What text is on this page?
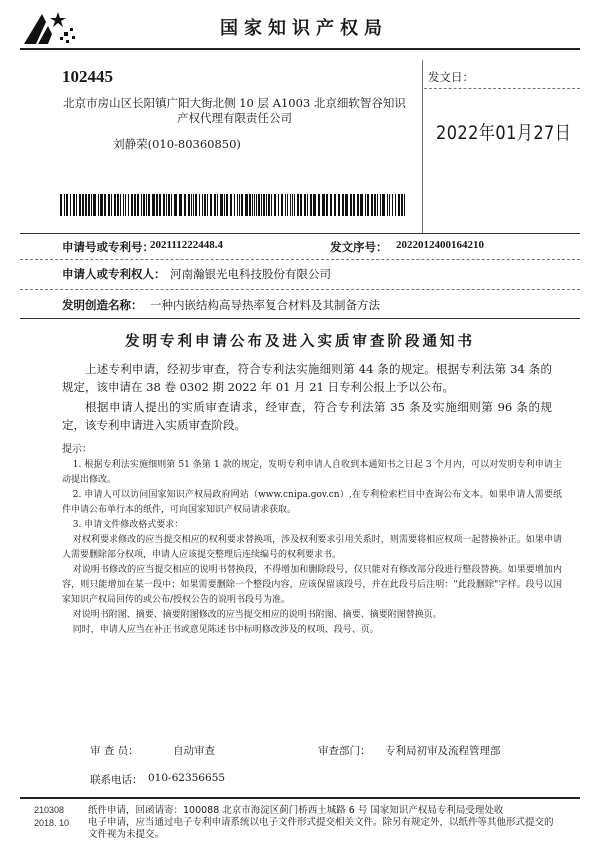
国家知识产权局
102445
北京市房山区长阳镇广阳大街北侧 10 层 A1003 北京细软智谷知识产权代理有限责任公司
刘静荣(010-80360850)
发文日：
2022年01月27日
申请号或专利号：
202111222448.4	发文序号： 2022012400164210
申请人或专利权人： 河南瀚银光电科技股份有限公司
发明创造名称： 一种内嵌结构高导热率复合材料及其制备方法
发明专利申请公布及进入实质审查阶段通知书
上述专利申请，经初步审查，符合专利法实施细则第 44 条的规定。根据专利法第 34 条的规定，该申请在 38 卷 0302 期 2022 年 01 月 21 日专利公报上予以公布。
根据申请人提出的实质审查请求，经审查，符合专利法第 35 条及实施细则第 96 条的规定，该专利申请进入实质审查阶段。
提示：

1. 根据专利法实施细则第 51 条第 1 款的规定，发明专利申请人自收到本通知书之日起 3 个月内，可以对发明专利申请主动提出修改。

2. 申请人可以访问国家知识产权局政府网站（www.cnipa.gov.cn）,在专利检索栏目中查询公布文本。如果申请人需要纸件申请公布单行本的纸件，可向国家知识产权局请求获取。

3. 申请文件修改格式要求：

对权利要求修改的应当提交相应的权利要求替换项，涉及权利要求引用关系时，则需要将相应权项一起替换补正。如果申请人需要删除部分权项，申请人应该提交整理后连续编号的权利要求书。

对说明书修改的应当提交相应的说明书替换段，不得增加和删除段号，仅只能对有修改部分段进行整段替换。如果要增加内容，则只能增加在某一段中；如果需要删除一个整段内容，应该保留该段号，并在此段号后注明："此段删除"字样。段号以国家知识产权局回传的或公布/授权公告的说明书段号为准。

对说明书附图、摘要、摘要附图修改的应当提交相应的说明书附图、摘要、摘要附图替换页。

同时，申请人应当在补正书或意见陈述书中标明修改涉及的权项、段号、页。

审 查 员：	自动审查	审查部门： 专利局初审及流程管理部
联系电话： 010-62356655
210308
2018. 10
纸件申请，回函请寄：100088 北京市海淀区蓟门桥西土城路 6 号 国家知识产权局专利局受理处收
电子申请，应当通过电子专利申请系统以电子文件形式提交相关文件。除另有规定外，以纸件等其他形式提交的
文件视为未提交。
